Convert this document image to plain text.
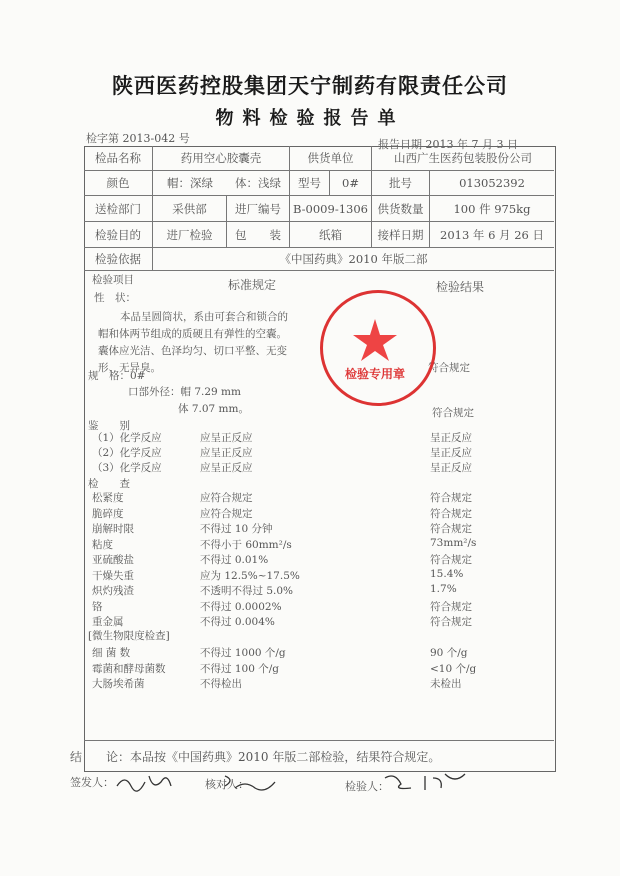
陕西医药控股集团天宁制药有限责任公司
物料检验报告单
检字第 2013-042 号	报告日期 2013 年 7 月 3 日
检品名称	药用空心胶囊壳	供货单位	山西广生医药包装股份公司
颜色	帽：深绿	体：浅绿	型号	0#	批号	013052392
送检部门	采供部	进厂编号	B-0009-1306 供货数量	100 件 975kg
检验目的	进厂检验	包　　装	纸箱	接样日期	2013 年 6 月 26 日
检验依据	《中国药典》2010 年版二部
检验项目	标准规定	检验结果
性　状：
本品呈圆筒状，系由可套合和锁合的
帽和体两节组成的质硬且有弹性的空囊。
囊体应光洁、色泽均匀、切口平整、无变
形、无异臭。	符合规定
规　格：0#
口部外径：帽 7.29 mm
体 7.07 mm。	符合规定
鉴　　别
（1）化学反应	应呈正反应	呈正反应
（2）化学反应	应呈正反应	呈正反应
（3）化学反应	应呈正反应	呈正反应
检　　查
松紧度	应符合规定	符合规定
脆碎度	应符合规定	符合规定
崩解时限	不得过 10 分钟	符合规定
粘度	不得小于 60mm²/s	73mm²/s
亚硫酸盐	不得过 0.01%	符合规定
干燥失重	应为 12.5%~17.5%	15.4%
炽灼残渣	不透明不得过 5.0%	1.7%
铬	不得过 0.0002%	符合规定
重金属	不得过 0.004%	符合规定
[微生物限度检查]
细 菌 数	不得过 1000 个/g	90 个/g
霉菌和酵母菌数	不得过 100 个/g	<10 个/g
大肠埃希菌	不得检出	未检出
结　　论：本品按《中国药典》2010 年版二部检验，结果符合规定。
签发人：	核对人：	检验人：
检验专用章
